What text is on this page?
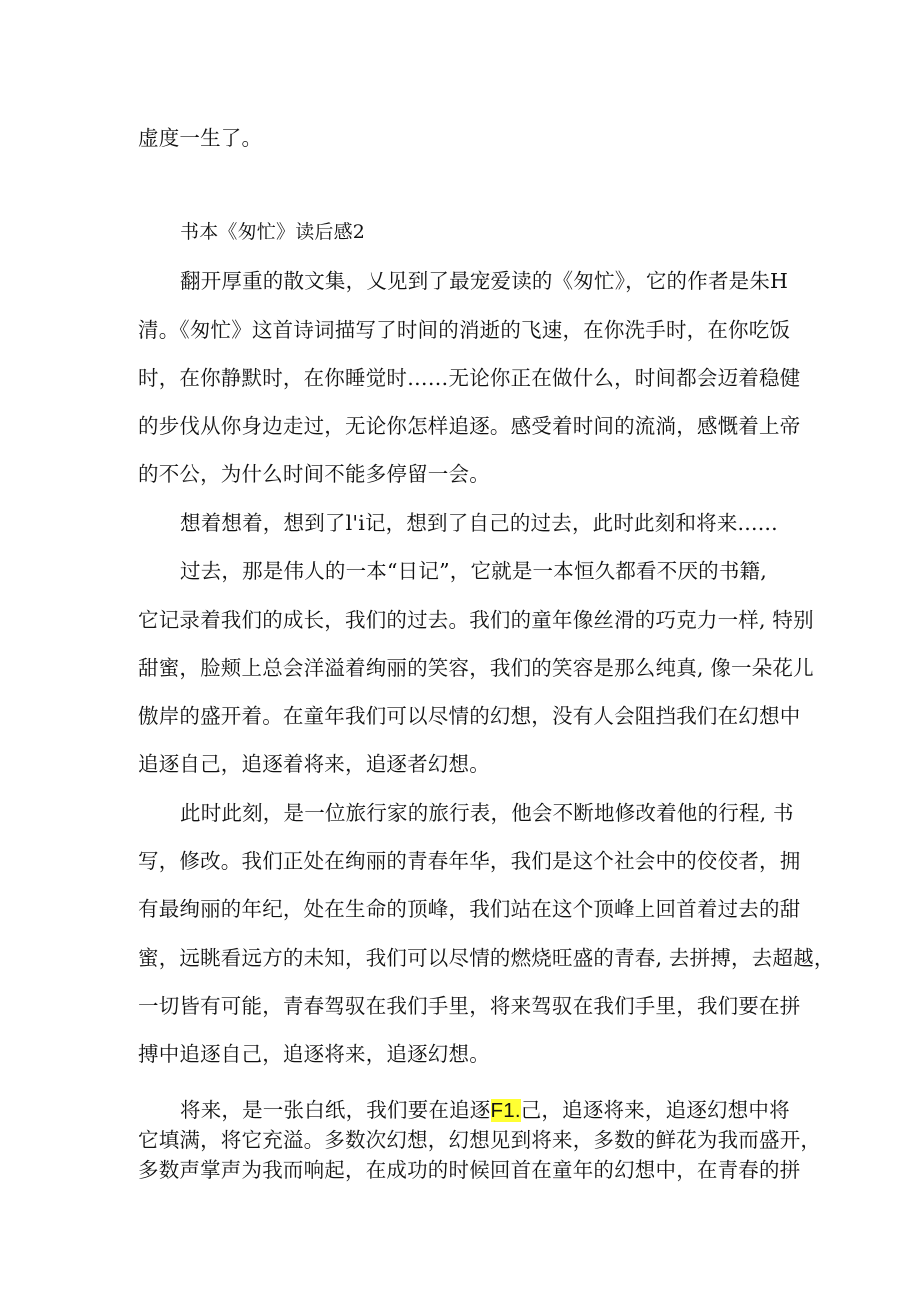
虚度一生了。

书本《匆忙》读后感2

翻开厚重的散文集，乂见到了最宠爱读的《匆忙》，它的作者是朱H

清。《匆忙》这首诗词描写了时间的消逝的飞速，在你洗手时，在你吃饭

时，在你静默时，在你睡觉时……无论你正在做什么，时间都会迈着稳健

的步伐从你身边走过，无论你怎样追逐。感受着时间的流淌，感慨着上帝

的不公，为什么时间不能多停留一会。

想着想着，想到了l'i记，想到了自己的过去，此时此刻和将来......

过去，那是伟人的一本“日记”，它就是一本恒久都看不厌的书籍,

它记录着我们的成长，我们的过去。我们的童年像丝滑的巧克力一样, 特别

甜蜜，脸颊上总会洋溢着绚丽的笑容，我们的笑容是那么纯真, 像一朵花儿

傲岸的盛开着。在童年我们可以尽情的幻想，没有人会阻挡我们在幻想中

追逐自己，追逐着将来，追逐者幻想。

此时此刻，是一位旅行家的旅行表，他会不断地修改着他的行程, 书

写，修改。我们正处在绚丽的青春年华，我们是这个社会中的佼佼者，拥

有最绚丽的年纪，处在生命的顶峰，我们站在这个顶峰上回首着过去的甜

蜜，远眺看远方的未知，我们可以尽情的燃烧旺盛的青春, 去拼搏，去超越，

一切皆有可能，青春驾驭在我们手里，将来驾驭在我们手里，我们要在拼

搏中追逐自己，追逐将来，追逐幻想。

将来，是一张白纸，我们要在追逐F1.己，追逐将来，追逐幻想中将

它填满，将它充溢。多数次幻想，幻想见到将来，多数的鲜花为我而盛开，

多数声掌声为我而响起，在成功的时候回首在童年的幻想中，在青春的拼
